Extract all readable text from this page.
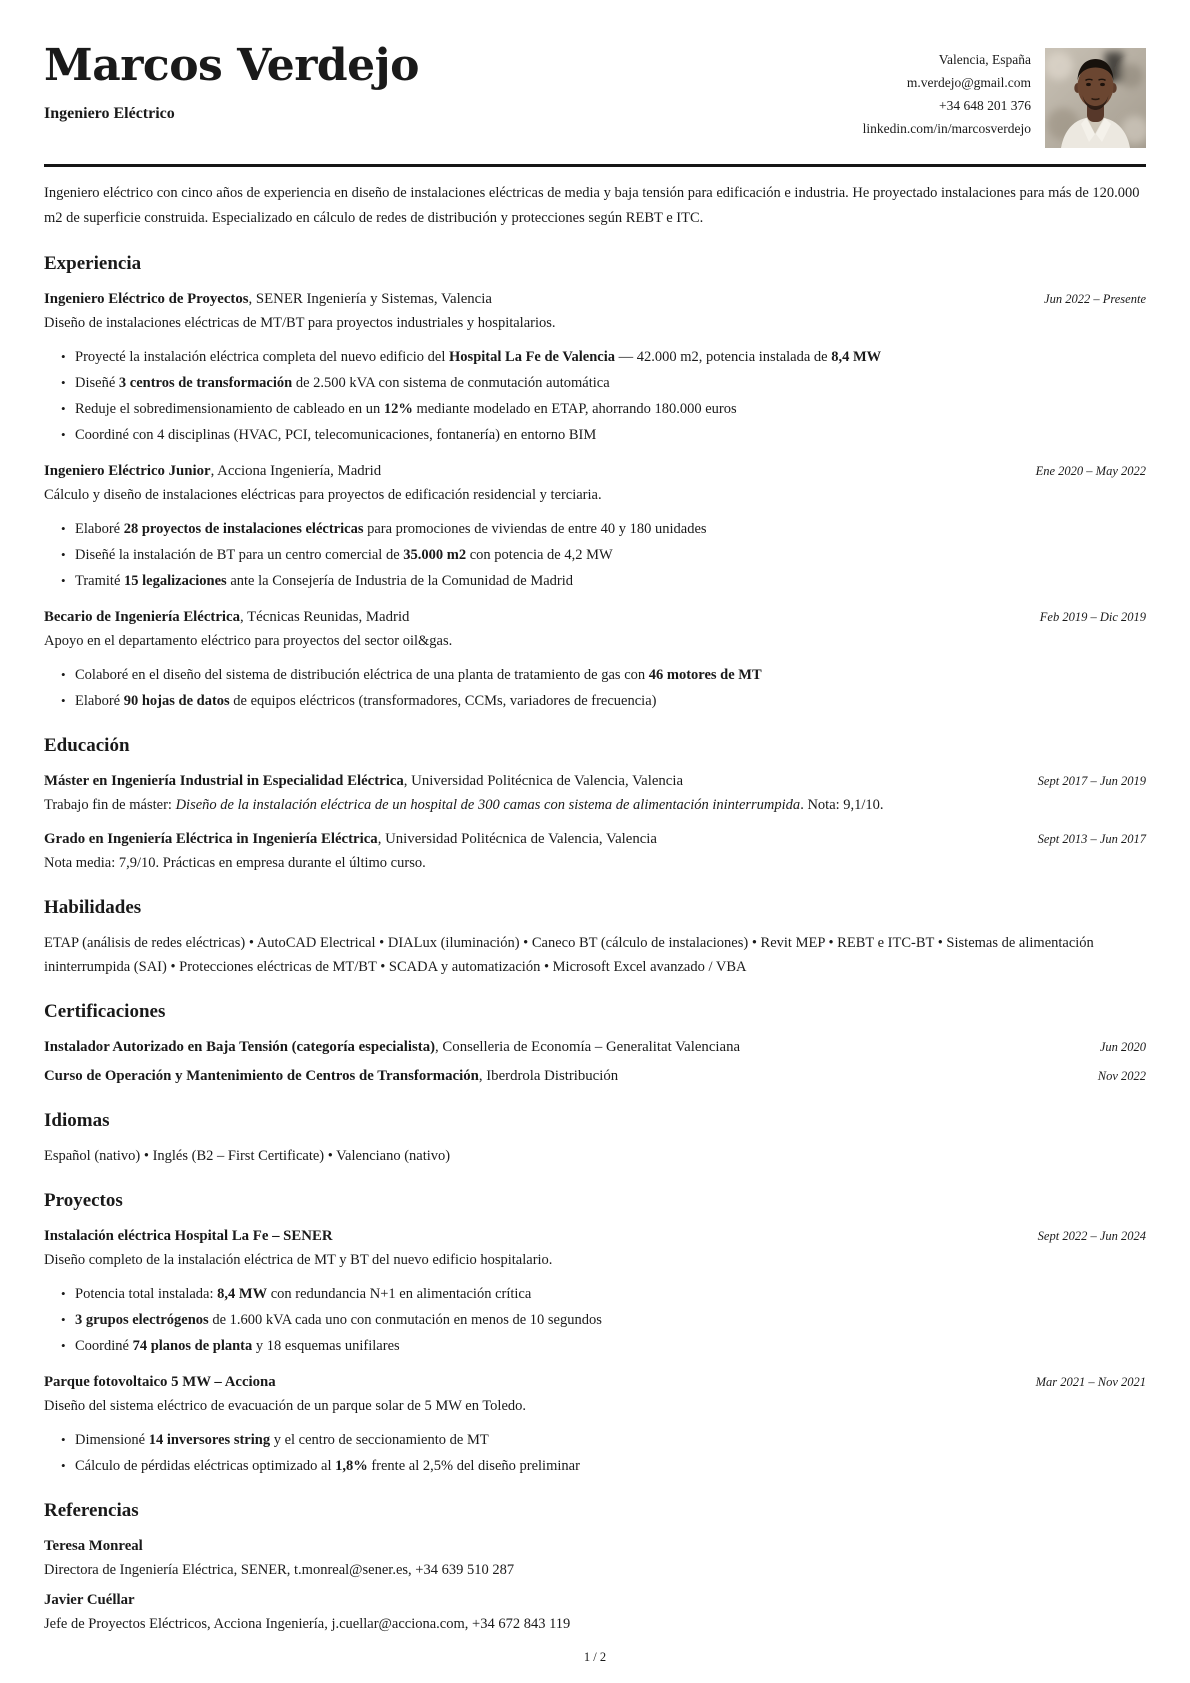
Marcos Verdejo
Ingeniero Eléctrico
Valencia, España
m.verdejo@gmail.com
+34 648 201 376
linkedin.com/in/marcosverdejo

Ingeniero eléctrico con cinco años de experiencia en diseño de instalaciones eléctricas de media y baja tensión para edificación e industria. He proyectado instalaciones para más de 120.000 m2 de superficie construida. Especializado en cálculo de redes de distribución y protecciones según REBT e ITC.

Experiencia
Ingeniero Eléctrico de Proyectos, SENER Ingeniería y Sistemas, Valencia	Jun 2022 – Presente

Diseño de instalaciones eléctricas de MT/BT para proyectos industriales y hospitalarios.

• Proyecté la instalación eléctrica completa del nuevo edificio del Hospital La Fe de Valencia — 42.000 m2, potencia instalada de 8,4 MW
• Diseñé 3 centros de transformación de 2.500 kVA con sistema de conmutación automática
• Reduje el sobredimensionamiento de cableado en un 12% mediante modelado en ETAP, ahorrando 180.000 euros
• Coordiné con 4 disciplinas (HVAC, PCI, telecomunicaciones, fontanería) en entorno BIM
Ingeniero Eléctrico Junior, Acciona Ingeniería, Madrid	Ene 2020 – May 2022

Cálculo y diseño de instalaciones eléctricas para proyectos de edificación residencial y terciaria.

• Elaboré 28 proyectos de instalaciones eléctricas para promociones de viviendas de entre 40 y 180 unidades
• Diseñé la instalación de BT para un centro comercial de 35.000 m2 con potencia de 4,2 MW
• Tramité 15 legalizaciones ante la Consejería de Industria de la Comunidad de Madrid
Becario de Ingeniería Eléctrica, Técnicas Reunidas, Madrid	Feb 2019 – Dic 2019

Apoyo en el departamento eléctrico para proyectos del sector oil&gas.

• Colaboré en el diseño del sistema de distribución eléctrica de una planta de tratamiento de gas con 46 motores de MT
• Elaboré 90 hojas de datos de equipos eléctricos (transformadores, CCMs, variadores de frecuencia)
Educación
Máster en Ingeniería Industrial in Especialidad Eléctrica, Universidad Politécnica de Valencia, Valencia	Sept 2017 – Jun 2019

Trabajo fin de máster: Diseño de la instalación eléctrica de un hospital de 300 camas con sistema de alimentación ininterrumpida. Nota: 9,1/10.

Grado en Ingeniería Eléctrica in Ingeniería Eléctrica, Universidad Politécnica de Valencia, Valencia	Sept 2013 – Jun 2017

Nota media: 7,9/10. Prácticas en empresa durante el último curso.

Habilidades

ETAP (análisis de redes eléctricas) • AutoCAD Electrical • DIALux (iluminación) • Caneco BT (cálculo de instalaciones) • Revit MEP • REBT e ITC-BT • Sistemas de alimentación ininterrumpida (SAI) • Protecciones eléctricas de MT/BT • SCADA y automatización • Microsoft Excel avanzado / VBA

Certificaciones
Instalador Autorizado en Baja Tensión (categoría especialista), Conselleria de Economía – Generalitat Valenciana	Jun 2020
Curso de Operación y Mantenimiento de Centros de Transformación, Iberdrola Distribución	Nov 2022
Idiomas

Español (nativo) • Inglés (B2 – First Certificate) • Valenciano (nativo)

Proyectos
Instalación eléctrica Hospital La Fe – SENER	Sept 2022 – Jun 2024

Diseño completo de la instalación eléctrica de MT y BT del nuevo edificio hospitalario.

• Potencia total instalada: 8,4 MW con redundancia N+1 en alimentación crítica
• 3 grupos electrógenos de 1.600 kVA cada uno con conmutación en menos de 10 segundos
• Coordiné 74 planos de planta y 18 esquemas unifilares
Parque fotovoltaico 5 MW – Acciona	Mar 2021 – Nov 2021

Diseño del sistema eléctrico de evacuación de un parque solar de 5 MW en Toledo.

• Dimensioné 14 inversores string y el centro de seccionamiento de MT
• Cálculo de pérdidas eléctricas optimizado al 1,8% frente al 2,5% del diseño preliminar
Referencias
Teresa Monreal
Directora de Ingeniería Eléctrica, SENER, t.monreal@sener.es, +34 639 510 287
Javier Cuéllar
Jefe de Proyectos Eléctricos, Acciona Ingeniería, j.cuellar@acciona.com, +34 672 843 119
1 / 2
